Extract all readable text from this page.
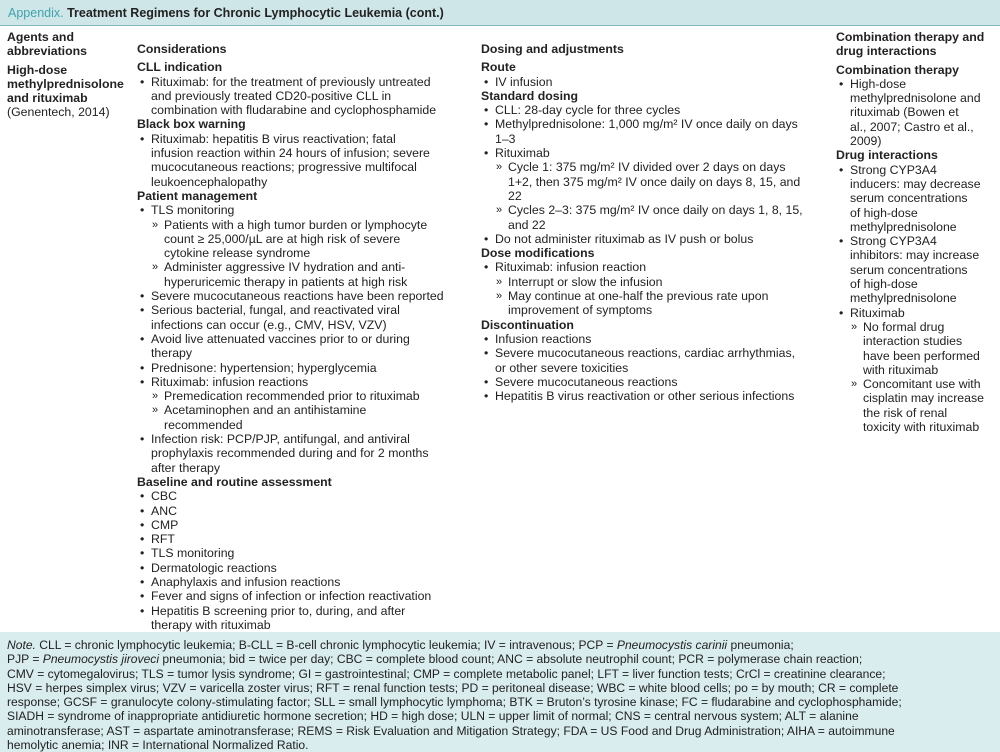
Appendix. Treatment Regimens for Chronic Lymphocytic Leukemia (cont.)
Agents and
abbreviations
High-dose
methylprednisolone
and rituximab
(Genentech, 2014)
Considerations
CLL indication
• Rituximab: for the treatment of previously untreated
and previously treated CD20-positive CLL in
combination with fludarabine and cyclophosphamide
Black box warning
• Rituximab: hepatitis B virus reactivation; fatal
infusion reaction within 24 hours of infusion; severe
mucocutaneous reactions; progressive multifocal
leukoencephalopathy
Patient management
• TLS monitoring
» Patients with a high tumor burden or lymphocyte
count ≥ 25,000/µL are at high risk of severe
cytokine release syndrome
» Administer aggressive IV hydration and anti-
hyperuricemic therapy in patients at high risk
• Severe mucocutaneous reactions have been reported
• Serious bacterial, fungal, and reactivated viral
infections can occur (e.g., CMV, HSV, VZV)
• Avoid live attenuated vaccines prior to or during
therapy
• Prednisone: hypertension; hyperglycemia
• Rituximab: infusion reactions
» Premedication recommended prior to rituximab
» Acetaminophen and an antihistamine
recommended
• Infection risk: PCP/PJP, antifungal, and antiviral
prophylaxis recommended during and for 2 months
after therapy
Baseline and routine assessment
• CBC
• ANC
• CMP
• RFT
• TLS monitoring
• Dermatologic reactions
• Anaphylaxis and infusion reactions
• Fever and signs of infection or infection reactivation
• Hepatitis B screening prior to, during, and after
therapy with rituximab
Dosing and adjustments
Route
• IV infusion
Standard dosing
• CLL: 28-day cycle for three cycles
• Methylprednisolone: 1,000 mg/m² IV once daily on days
1–3
• Rituximab
» Cycle 1: 375 mg/m² IV divided over 2 days on days
1+2, then 375 mg/m² IV once daily on days 8, 15, and
22
» Cycles 2–3: 375 mg/m² IV once daily on days 1, 8, 15,
and 22
• Do not administer rituximab as IV push or bolus
Dose modifications
• Rituximab: infusion reaction
» Interrupt or slow the infusion
» May continue at one-half the previous rate upon
improvement of symptoms
Discontinuation
• Infusion reactions
• Severe mucocutaneous reactions, cardiac arrhythmias,
or other severe toxicities
• Severe mucocutaneous reactions
• Hepatitis B virus reactivation or other serious infections
Combination therapy and
drug interactions
Combination therapy
• High-dose
methylprednisolone and
rituximab (Bowen et
al., 2007; Castro et al.,
2009)
Drug interactions
• Strong CYP3A4
inducers: may decrease
serum concentrations
of high-dose
methylprednisolone
• Strong CYP3A4
inhibitors: may increase
serum concentrations
of high-dose
methylprednisolone
• Rituximab
» No formal drug
interaction studies
have been performed
with rituximab
» Concomitant use with
cisplatin may increase
the risk of renal
toxicity with rituximab
Note. CLL = chronic lymphocytic leukemia; B-CLL = B-cell chronic lymphocytic leukemia; IV = intravenous; PCP = Pneumocystis carinii pneumonia;
PJP = Pneumocystis jiroveci pneumonia; bid = twice per day; CBC = complete blood count; ANC = absolute neutrophil count; PCR = polymerase chain reaction;
CMV = cytomegalovirus; TLS = tumor lysis syndrome; GI = gastrointestinal; CMP = complete metabolic panel; LFT = liver function tests; CrCl = creatinine clearance;
HSV = herpes simplex virus; VZV = varicella zoster virus; RFT = renal function tests; PD = peritoneal disease; WBC = white blood cells; po = by mouth; CR = complete
response; GCSF = granulocyte colony-stimulating factor; SLL = small lymphocytic lymphoma; BTK = Bruton’s tyrosine kinase; FC = fludarabine and cyclophosphamide;
SIADH = syndrome of inappropriate antidiuretic hormone secretion; HD = high dose; ULN = upper limit of normal; CNS = central nervous system; ALT = alanine
aminotransferase; AST = aspartate aminotransferase; REMS = Risk Evaluation and Mitigation Strategy; FDA = US Food and Drug Administration; AIHA = autoimmune
hemolytic anemia; INR = International Normalized Ratio.
